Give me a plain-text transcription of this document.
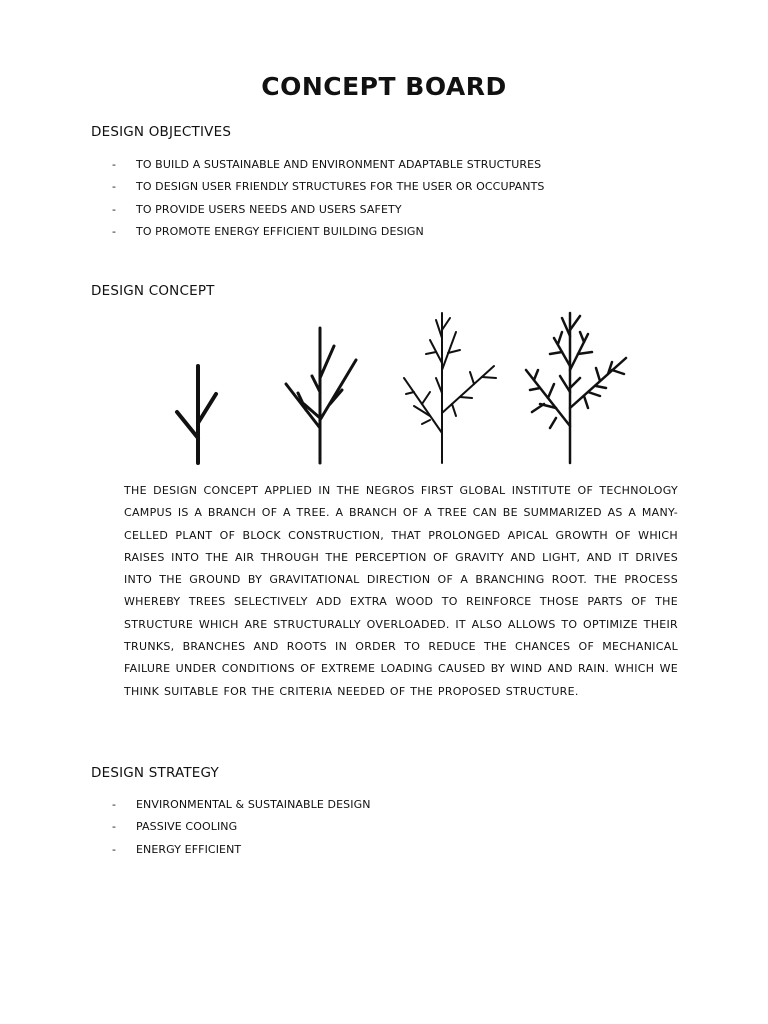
CONCEPT BOARD
DESIGN OBJECTIVES
-	TO BUILD A SUSTAINABLE AND ENVIRONMENT ADAPTABLE STRUCTURES
-	TO DESIGN USER FRIENDLY STRUCTURES FOR THE USER OR OCCUPANTS
-	TO PROVIDE USERS NEEDS AND USERS SAFETY
-	TO PROMOTE ENERGY EFFICIENT BUILDING DESIGN
DESIGN CONCEPT

THE DESIGN CONCEPT APPLIED IN THE NEGROS FIRST GLOBAL INSTITUTE OF TECHNOLOGY CAMPUS IS A BRANCH OF A TREE. A BRANCH OF A TREE CAN BE SUMMARIZED AS A MANY-CELLED PLANT OF BLOCK CONSTRUCTION, THAT PROLONGED APICAL GROWTH OF WHICH RAISES INTO THE AIR THROUGH THE PERCEPTION OF GRAVITY AND LIGHT, AND IT DRIVES INTO THE GROUND BY GRAVITATIONAL DIRECTION OF A BRANCHING ROOT. THE PROCESS WHEREBY TREES SELECTIVELY ADD EXTRA WOOD TO REINFORCE THOSE PARTS OF THE STRUCTURE WHICH ARE STRUCTURALLY OVERLOADED. IT ALSO ALLOWS TO OPTIMIZE THEIR TRUNKS, BRANCHES AND ROOTS IN ORDER TO REDUCE THE CHANCES OF MECHANICAL FAILURE UNDER CONDITIONS OF EXTREME LOADING CAUSED BY WIND AND RAIN. WHICH WE THINK SUITABLE FOR THE CRITERIA NEEDED OF THE PROPOSED STRUCTURE.

DESIGN STRATEGY
-	ENVIRONMENTAL & SUSTAINABLE DESIGN
-	PASSIVE COOLING
-	ENERGY EFFICIENT
